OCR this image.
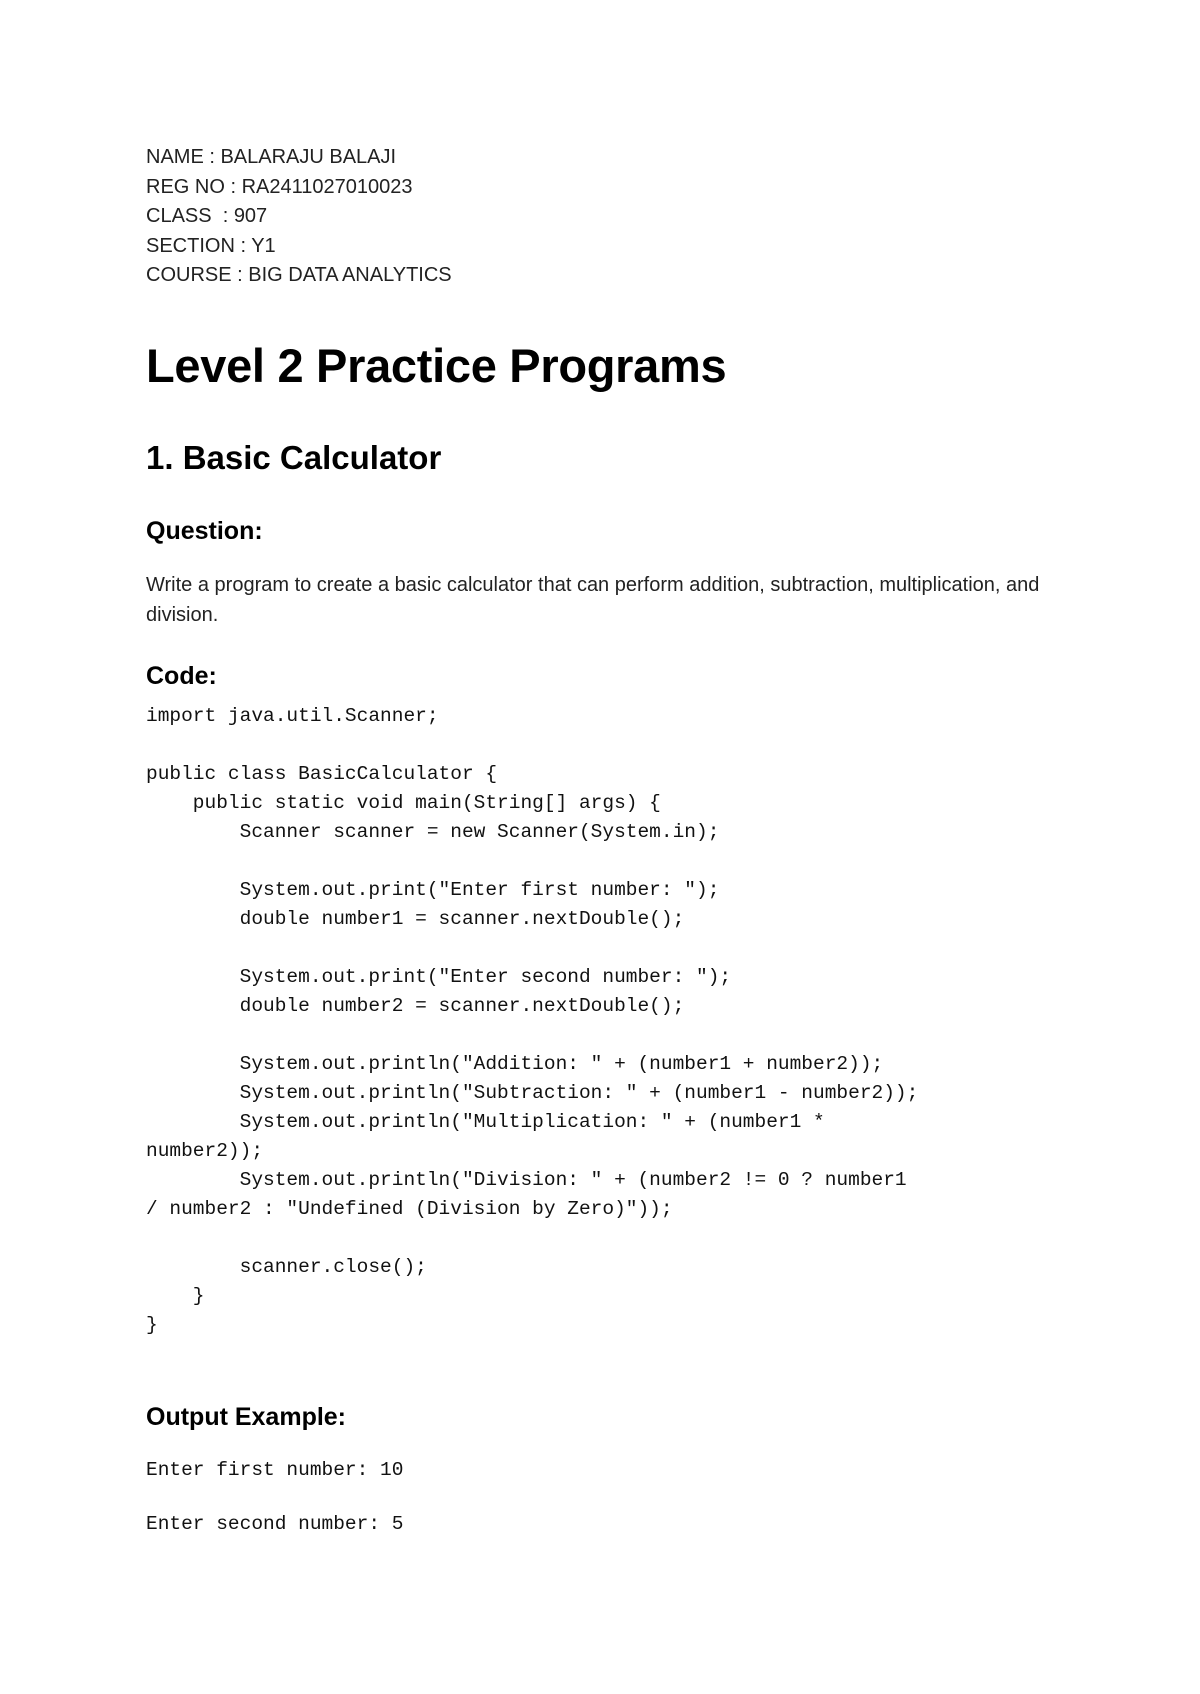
NAME : BALARAJU BALAJI
REG NO : RA2411027010023
CLASS  : 907
SECTION : Y1
COURSE : BIG DATA ANALYTICS
Level 2 Practice Programs
1. Basic Calculator
Question:

Write a program to create a basic calculator that can perform addition, subtraction, multiplication, and division.

Code:
import java.util.Scanner;

public class BasicCalculator {
public static void main(String[] args) {
Scanner scanner = new Scanner(System.in);

System.out.print("Enter first number: ");
double number1 = scanner.nextDouble();

System.out.print("Enter second number: ");
double number2 = scanner.nextDouble();

System.out.println("Addition: " + (number1 + number2));
System.out.println("Subtraction: " + (number1 - number2));
System.out.println("Multiplication: " + (number1 *
number2));
System.out.println("Division: " + (number2 != 0 ? number1
/ number2 : "Undefined (Division by Zero)"));

scanner.close();
}
}
Output Example:
Enter first number: 10
Enter second number: 5
